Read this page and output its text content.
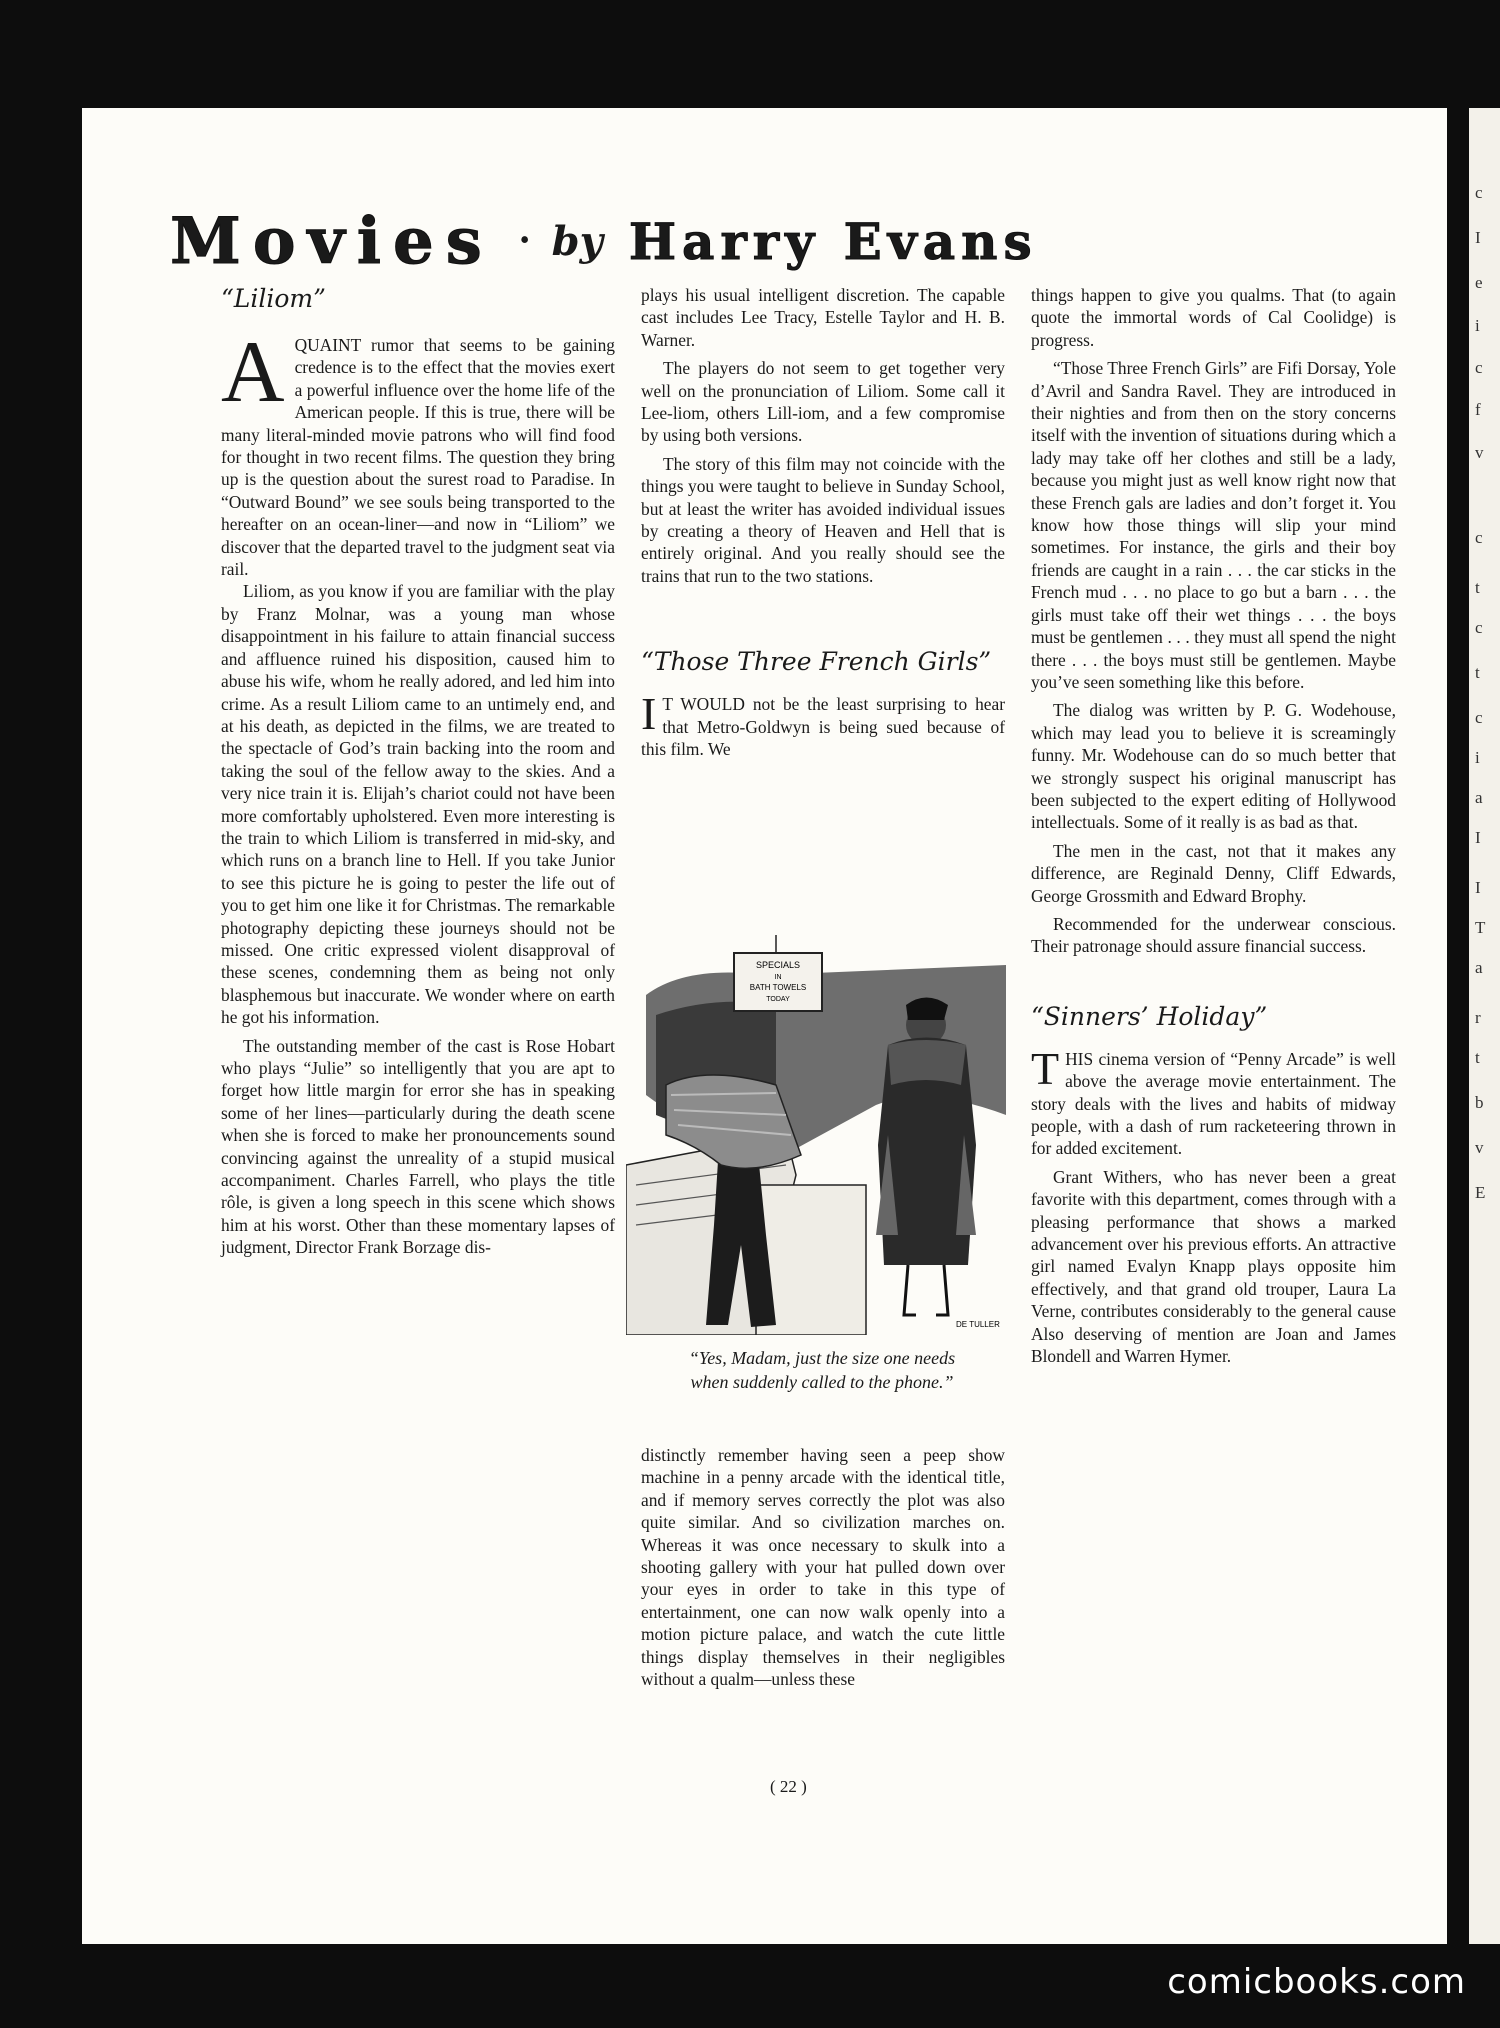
c
I
e
i
c
f
v
c
t
c
t
c
i
a
I
I
T
a
r
t
b
v
E
Movies • by Harry Evans
“Liliom”

AQUAINT rumor that seems to be gaining credence is to the effect that the movies exert a powerful influence over the home life of the American people. If this is true, there will be many literal-minded movie patrons who will find food for thought in two recent films. The question they bring up is the question about the surest road to Paradise. In “Outward Bound” we see souls being transported to the hereafter on an ocean-liner—and now in “Liliom” we discover that the departed travel to the judgment seat via rail.

Liliom, as you know if you are familiar with the play by Franz Molnar, was a young man whose disappointment in his failure to attain financial success and affluence ruined his disposition, caused him to abuse his wife, whom he really adored, and led him into crime. As a result Liliom came to an untimely end, and at his death, as depicted in the films, we are treated to the spectacle of God’s train backing into the room and taking the soul of the fellow away to the skies. And a very nice train it is. Elijah’s chariot could not have been more comfortably upholstered. Even more interesting is the train to which Liliom is transferred in mid-sky, and which runs on a branch line to Hell. If you take Junior to see this picture he is going to pester the life out of you to get him one like it for Christmas. The remarkable photography depicting these journeys should not be missed. One critic expressed violent disapproval of these scenes, condemning them as being not only blasphemous but inaccurate. We wonder where on earth he got his information.

The outstanding member of the cast is Rose Hobart who plays “Julie” so intelligently that you are apt to forget how little margin for error she has in speaking some of her lines—particularly during the death scene when she is forced to make her pronouncements sound convincing against the unreality of a stupid musical accompaniment. Charles Farrell, who plays the title rôle, is given a long speech in this scene which shows him at his worst. Other than these momentary lapses of judgment, Director Frank Borzage dis-

plays his usual intelligent discretion. The capable cast includes Lee Tracy, Estelle Taylor and H. B. Warner.

The players do not seem to get together very well on the pronunciation of Liliom. Some call it Lee-liom, others Lill-iom, and a few compromise by using both versions.

The story of this film may not coincide with the things you were taught to believe in Sunday School, but at least the writer has avoided individual issues by creating a theory of Heaven and Hell that is entirely original. And you really should see the trains that run to the two stations.

“Those Three French Girls”

I T WOULD not be the least surprising to hear that Metro-Goldwyn is being sued because of this film. We

SPECIALS
IN
BATH TOWELS
TODAY
DE TULLER
“Yes, Madam, just the size one needs
when suddenly called to the phone.”

distinctly remember having seen a peep show machine in a penny arcade with the identical title, and if memory serves correctly the plot was also quite similar. And so civilization marches on. Whereas it was once necessary to skulk into a shooting gallery with your hat pulled down over your eyes in order to take in this type of entertainment, one can now walk openly into a motion picture palace, and watch the cute little things display themselves in their negligibles without a qualm—unless these

things happen to give you qualms. That (to again quote the immortal words of Cal Coolidge) is progress.

“Those Three French Girls” are Fifi Dorsay, Yole d’Avril and Sandra Ravel. They are introduced in their nighties and from then on the story concerns itself with the invention of situations during which a lady may take off her clothes and still be a lady, because you might just as well know right now that these French gals are ladies and don’t forget it. You know how those things will slip your mind sometimes. For instance, the girls and their boy friends are caught in a rain . . . the car sticks in the French mud . . . no place to go but a barn . . . the girls must take off their wet things . . . the boys must be gentlemen . . . they must all spend the night there . . . the boys must still be gentlemen. Maybe you’ve seen something like this before.

The dialog was written by P. G. Wodehouse, which may lead you to believe it is screamingly funny. Mr. Wodehouse can do so much better that we strongly suspect his original manuscript has been subjected to the expert editing of Hollywood intellectuals. Some of it really is as bad as that.

The men in the cast, not that it makes any difference, are Reginald Denny, Cliff Edwards, George Grossmith and Edward Brophy.

Recommended for the underwear conscious. Their patronage should assure financial success.

“Sinners’ Holiday”

THIS cinema version of “Penny Arcade” is well above the average movie entertainment. The story deals with the lives and habits of midway people, with a dash of rum racketeering thrown in for added excitement.

Grant Withers, who has never been a great favorite with this department, comes through with a pleasing performance that shows a marked advancement over his previous efforts. An attractive girl named Evalyn Knapp plays opposite him effectively, and that grand old trouper, Laura La Verne, contributes considerably to the general cause Also deserving of mention are Joan and James Blondell and Warren Hymer.

( 22 )
comicbooks.com
